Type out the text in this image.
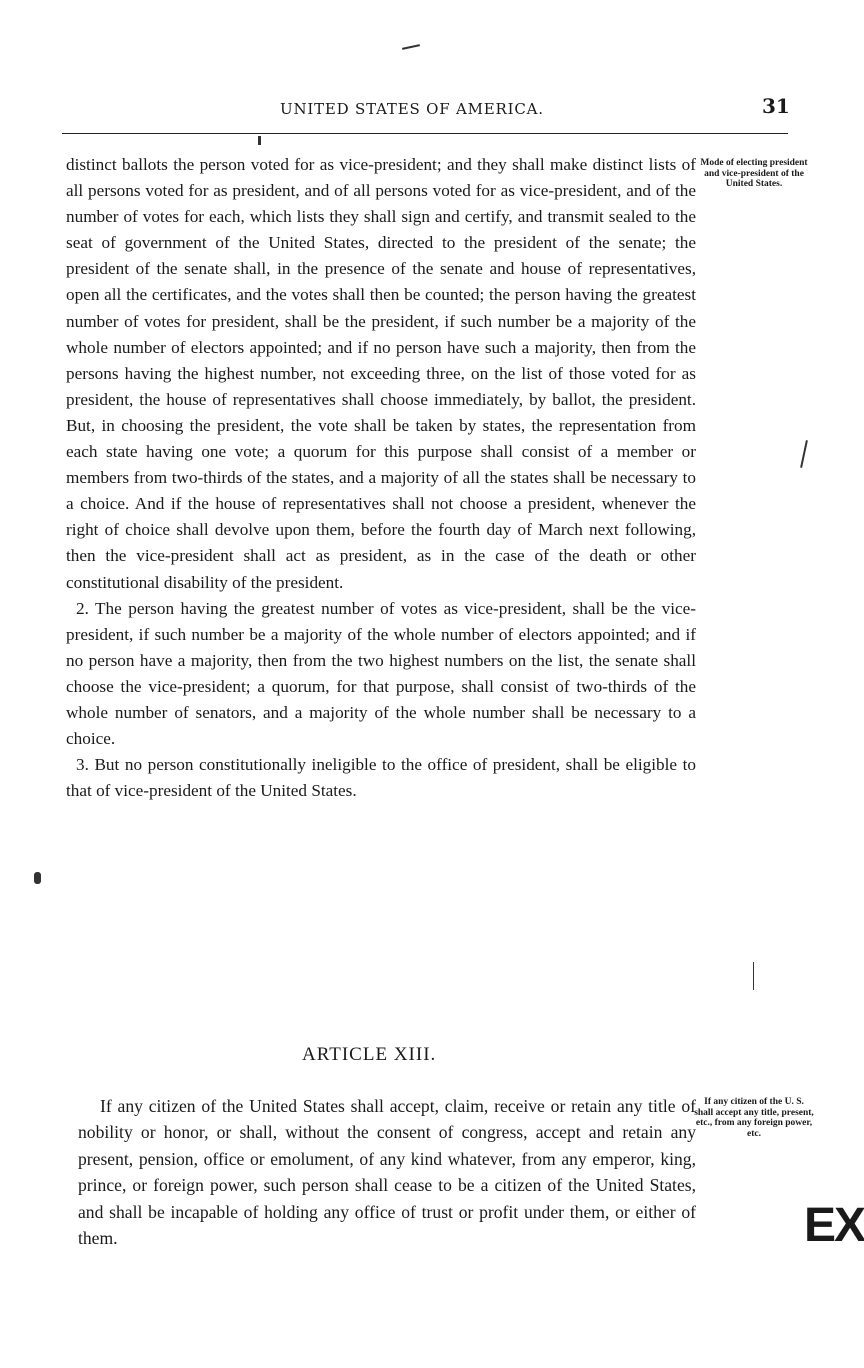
UNITED STATES OF AMERICA.	31

distinct ballots the person voted for as vice-president; and they shall make distinct lists of all persons voted for as president, and of all persons voted for as vice-president, and of the number of votes for each, which lists they shall sign and certify, and transmit sealed to the seat of government of the United States, directed to the president of the senate; the president of the senate shall, in the presence of the senate and house of representatives, open all the certificates, and the votes shall then be counted; the person having the greatest number of votes for president, shall be the president, if such number be a majority of the whole number of electors appointed; and if no person have such a majority, then from the persons having the highest number, not exceeding three, on the list of those voted for as president, the house of representatives shall choose immediately, by ballot, the president. But, in choosing the president, the vote shall be taken by states, the representation from each state having one vote; a quorum for this purpose shall consist of a member or members from two-thirds of the states, and a majority of all the states shall be necessary to a choice. And if the house of representatives shall not choose a president, whenever the right of choice shall devolve upon them, before the fourth day of March next following, then the vice-president shall act as president, as in the case of the death or other constitutional disability of the president.

2. The person having the greatest number of votes as vice-president, shall be the vice-president, if such number be a majority of the whole number of electors appointed; and if no person have a majority, then from the two highest numbers on the list, the senate shall choose the vice-president; a quorum, for that purpose, shall consist of two-thirds of the whole number of senators, and a majority of the whole number shall be necessary to a choice.

3. But no person constitutionally ineligible to the office of president, shall be eligible to that of vice-president of the United States.

Mode of electing president and vice-president of the United States.
ARTICLE XIII.
If any citizen of the United States shall accept, claim, receive or retain any title of nobility or honor, or shall, without the consent of congress, accept and retain any present, pension, office or emolument, of any kind whatever, from any emperor, king, prince, or foreign power, such person shall cease to be a citizen of the United States, and shall be incapable of holding any office of trust or profit under them, or either of them.
If any citizen of the U. S. shall accept any title, present, etc., from any foreign power, etc.
EX
